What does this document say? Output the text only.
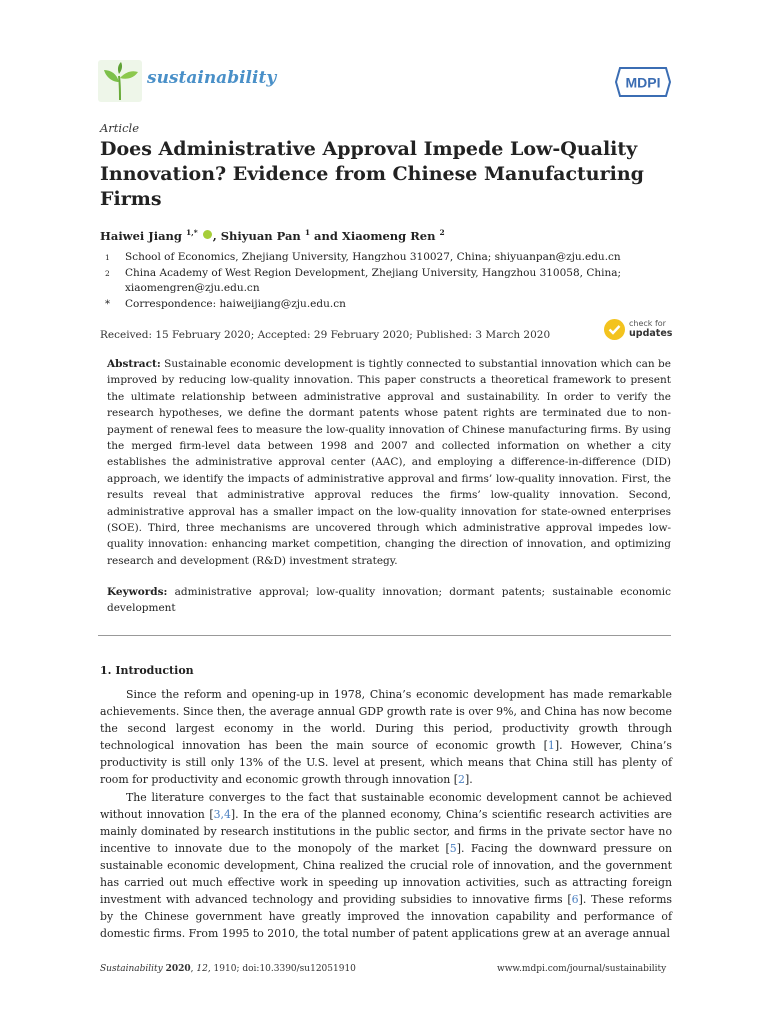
sustainability	MDPI
Article
Does Administrative Approval Impede Low-Quality Innovation? Evidence from Chinese Manufacturing Firms
Haiwei Jiang $^{1,*}$ , Shiyuan Pan $^1$ and Xiaomeng Ren $^2$
1	School of Economics, Zhejiang University, Hangzhou 310027, China; shiyuanpan@zju.edu.cn
2	China Academy of West Region Development, Zhejiang University, Hangzhou 310058, China;
xiaomengren@zju.edu.cn
*	Correspondence: haiweijiang@zju.edu.cn
Received: 15 February 2020; Accepted: 29 February 2020; Published: 3 March 2020
check for
updates

Abstract: Sustainable economic development is tightly connected to substantial innovation which can be improved by reducing low-quality innovation. This paper constructs a theoretical framework to present the ultimate relationship between administrative approval and sustainability. In order to verify the research hypotheses, we define the dormant patents whose patent rights are terminated due to non-payment of renewal fees to measure the low-quality innovation of Chinese manufacturing firms. By using the merged firm-level data between 1998 and 2007 and collected information on whether a city establishes the administrative approval center (AAC), and employing a difference-in-difference (DID) approach, we identify the impacts of administrative approval and firms’ low-quality innovation. First, the results reveal that administrative approval reduces the firms’ low-quality innovation. Second, administrative approval has a smaller impact on the low-quality innovation for state-owned enterprises (SOE). Third, three mechanisms are uncovered through which administrative approval impedes low-quality innovation: enhancing market competition, changing the direction of innovation, and optimizing research and development (R&D) investment strategy.

Keywords: administrative approval; low-quality innovation; dormant patents; sustainable economic development

1. Introduction

Since the reform and opening-up in 1978, China’s economic development has made remarkable achievements. Since then, the average annual GDP growth rate is over 9%, and China has now become the second largest economy in the world. During this period, productivity growth through technological innovation has been the main source of economic growth [1]. However, China’s productivity is still only 13% of the U.S. level at present, which means that China still has plenty of room for productivity and economic growth through innovation [2].

The literature converges to the fact that sustainable economic development cannot be achieved without innovation [3,4]. In the era of the planned economy, China’s scientific research activities are mainly dominated by research institutions in the public sector, and firms in the private sector have no incentive to innovate due to the monopoly of the market [5]. Facing the downward pressure on sustainable economic development, China realized the crucial role of innovation, and the government has carried out much effective work in speeding up innovation activities, such as attracting foreign investment with advanced technology and providing subsidies to innovative firms [6]. These reforms by the Chinese government have greatly improved the innovation capability and performance of domestic firms. From 1995 to 2010, the total number of patent applications grew at an average annual

Sustainability 2020, 12, 1910; doi:10.3390/su12051910	www.mdpi.com/journal/sustainability
